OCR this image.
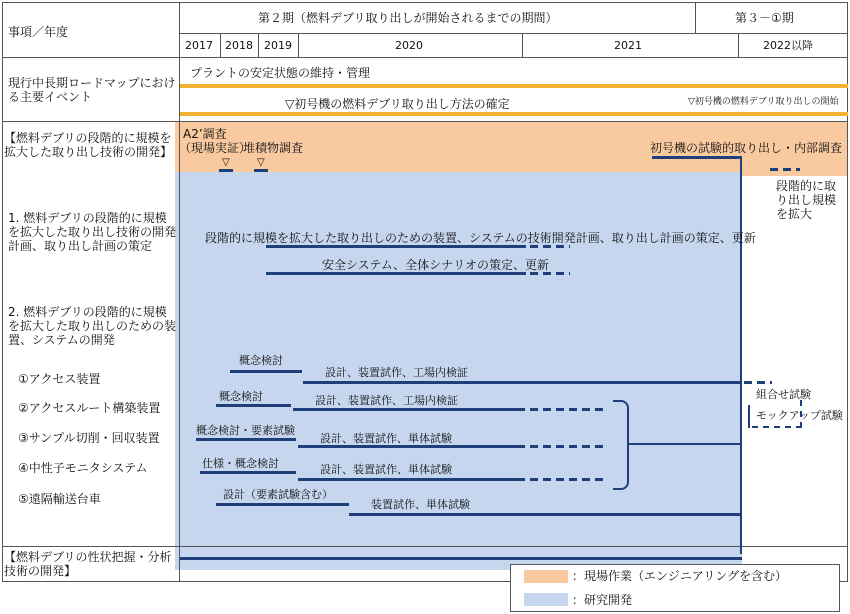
事項／年度
第２期（燃料デブリ取り出しが開始されるまでの期間）	第３－①期
2017 2018 2019	2020	2021	2022以降
現行中長期ロードマップにおける主要イベント
【燃料デブリの段階的に規模を拡大した取り出し技術の開発】
1. 燃料デブリの段階的に規模を拡大した取り出し技術の開発計画、取り出し計画の策定
2. 燃料デブリの段階的に規模を拡大した取り出しのための装置、システムの開発
①アクセス装置
②アクセスルート構築装置
③サンプル切削・回収装置
④中性子モニタシステム
⑤遠隔輸送台車
【燃料デブリの性状把握・分析技術の開発】
プラントの安定状態の維持・管理
▽初号機の燃料デブリ取り出し方法の確定	▽初号機の燃料デブリ取り出しの開始
A2’調査
（現場実証）
堆積物調査
▽	▽
初号機の試験的取り出し・内部調査
段階的に取り出し規模を拡大
段階的に規模を拡大した取り出しのための装置、システムの技術開発計画、取り出し計画の策定、更新
安全システム、全体シナリオの策定、更新
概念検討
設計、装置試作、工場内検証
組合せ試験
概念検討	設計、装置試作、工場内検証
概念検討・要素試験
設計、装置試作、単体試験
仕様・概念検討	設計、装置試作、単体試験
設計（要素試験含む）
装置試作、単体試験
モックアップ試験
：現場作業（エンジニアリングを含む）
：研究開発
